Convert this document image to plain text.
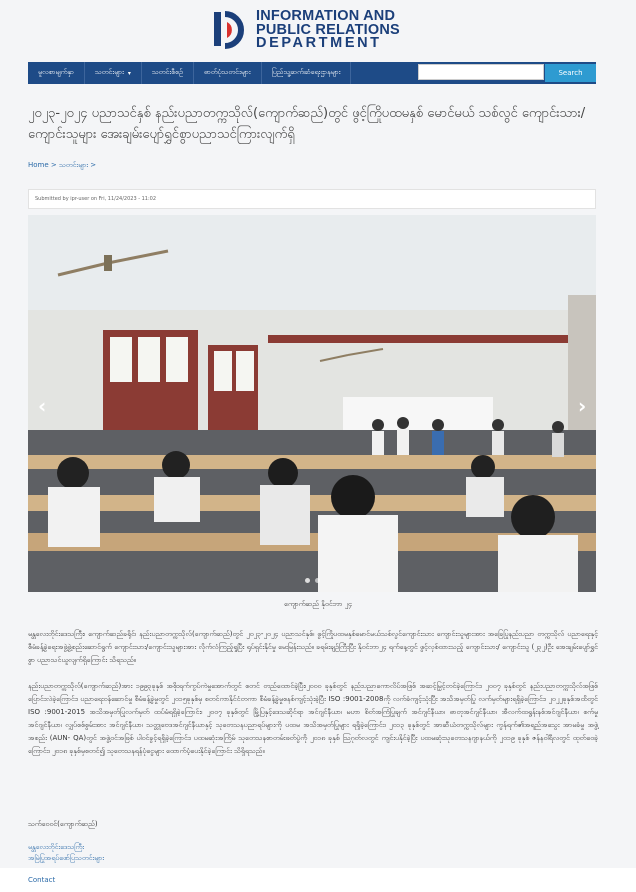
INFORMATION AND
PUBLIC RELATIONS
DEPARTMENT
မူလစာမျက်နှာ	သတင်းများ ▾	သတင်းစီစဥ်	ဓာတ်ပုံသတင်းများ	ပြည်သူ့ဆက်ဆံရေးဌာနများ	Search
၂၀၂၃-၂၀၂၄ ပညာသင်နှစ် နည်းပညာတက္ကသိုလ်(ကျောက်ဆည်)တွင် ဖွင့်ကြိုပထမနှစ် မောင်မယ် သစ်လွင် ကျောင်းသား/ကျောင်းသူများ အေးချမ်းပျော်ရွှင်စွာပညာသင်ကြားလျက်ရှိ
Home > သတင်းများ >
Submitted by ipr-user on Fri, 11/24/2023 - 11:02
‹	›
ကျောက်ဆည် နိုဝင်ဘာ ၂၄

မန္တလေးတိုင်းဒေသကြီး၊ ကျောက်ဆည်ခရိုင်၊ နည်းပညာတက္ကသိုလ်(ကျောက်ဆည်)တွင် ၂၀၂၃-၂၀၂၄ ပညာသင်နှစ်၊ ဖွင့်ကြိုပထမနှစ်မောင်မယ်သစ်လွင်ကျောင်းသား ကျောင်းသူများအား အခြေပြုနည်းပညာ တက္ကသိုလ် ပညာရေးနှင့်စီမံခန့်ခွဲရေးအဖွဲ့ဖွဲ့စည်းဆောင်ရွက် ကျောင်းသား/ကျောင်းသူများအား လိုက်လံကြည့်ရှုပြီး ရုပ်ရှင်းနိုင်မှု မေးမြန်းသည်။ ခရမ်းချဉ်ကြီးပြီး နိုဝင်ဘာ၂၄ ရက်နေ့တွင် ဖွင့်လှစ်ထားသည့် ကျောင်းသား/ ကျောင်းသူ (၂၃၂)ဦး အေးချမ်းပျော်ရွှင်စွာ ပညာသင်ယူလျက်ရှိကြောင်း သိရသည်။

နည်းပညာတက္ကသိုလ်(ကျောက်ဆည်)အား ၁၉၉၃ခုနှစ် အစိုးရက်ကွပ်ကဲမှုအောက်တွင် စတင် တည်ထောင်ခဲ့ပြီး၊၂၀၀၀ ခုနှစ်တွင် နည်းပညာကောလိပ်အဖြစ် အဆင့်မြှင့်တင်ခဲ့ကြောင်း၊ ၂၀၀၇ ခုနှစ်တွင် နည်းပညာတက္ကသိုလ်အဖြစ် ပြောင်းလဲခဲ့ကြောင်း၊ ပညာရေးဝန်ဆောင်မှု စီမံခန့်ခွဲမှုတွင် ၂၀၁၅ခုနှစ်မှ စတင်ကာနိုင်ငံတကာ စီမံခန့်ခွဲမှုစနစ်ကျင့်သုံးခဲ့ပြီး ISO :9001-2008ကို လက်ခံကျင့်သုံးပြီး အသိအမှတ်ပြု လက်မှတ်များရရှိခဲ့ကြောင်း၊ ၂၀၂၂ခုနှစ်အထိတွင် ISO :9001-2015 အသိအမှတ်ပြုလက်မှတ် ထပ်မံရရှိခဲ့ကြောင်း၊ ၂၀၀၇ ခုနှစ်တွင် မြို့ပြနှင့်ဒေသဆိုင်ရာ အင်ဂျင်နီယာ၊ မဟာ စိတ်အကြံပြုချက် အင်ဂျင်နီယာ၊ ဓာတုအင်ဂျင်နီယာ၊ အီလက်ထရွန်းနစ်အင်ဂျင်နီယာ၊ စက်မှုအင်ဂျင်နီယာ၊ လျှပ်စစ်စွမ်းအား အင်ဂျင်နီယာ၊ သတ္တုဗေဒအင်ဂျင်နီယာနှင့် သုတေသနပညာရပ်များကို ပထမ အသိအမှတ်ပြုများ ရရှိခဲ့ကြောင်း၊ ၂၀၁၃ ခုနှစ်တွင် အာဆီယံတက္ကသိုလ်များ ကွန်ရက်၏အရည်အသွေး အာမခံမှု အဖွဲ့အစည်း (AUN- QA)တွင် အဖွဲ့ဝင်အဖြစ် ပါဝင်ခွင့်ရရှိခဲ့ကြောင်း၊ ပထမဆုံးအကြိမ် သုတေသနစာတမ်းဖတ်ပွဲကို ၂၀၁၈ ခုနှစ် ဩဂုတ်လတွင် ကျင်းပနိုင်ခဲ့ပြီး ပထမဆုံးသုတေသနဂျာနယ်ကို ၂၀၁၉ ခုနှစ် ဇန်နဝါရီလတွင် ထုတ်ဝေခဲ့ကြောင်း၊ ၂၀၁၈ ခုနှစ်မှစတင်၍ သုတေသနရန်ပုံငွေများ ထောက်ပံ့ပေးနိုင်ခဲ့ကြောင်း သိရှိရသည်။

သက်ဝေဝင်(ကျောက်ဆည်)
မန္တလေးတိုင်းဒေသကြီး
အမြဲပြုအရပ်ဖော်ပြသတင်းများ
Contact
